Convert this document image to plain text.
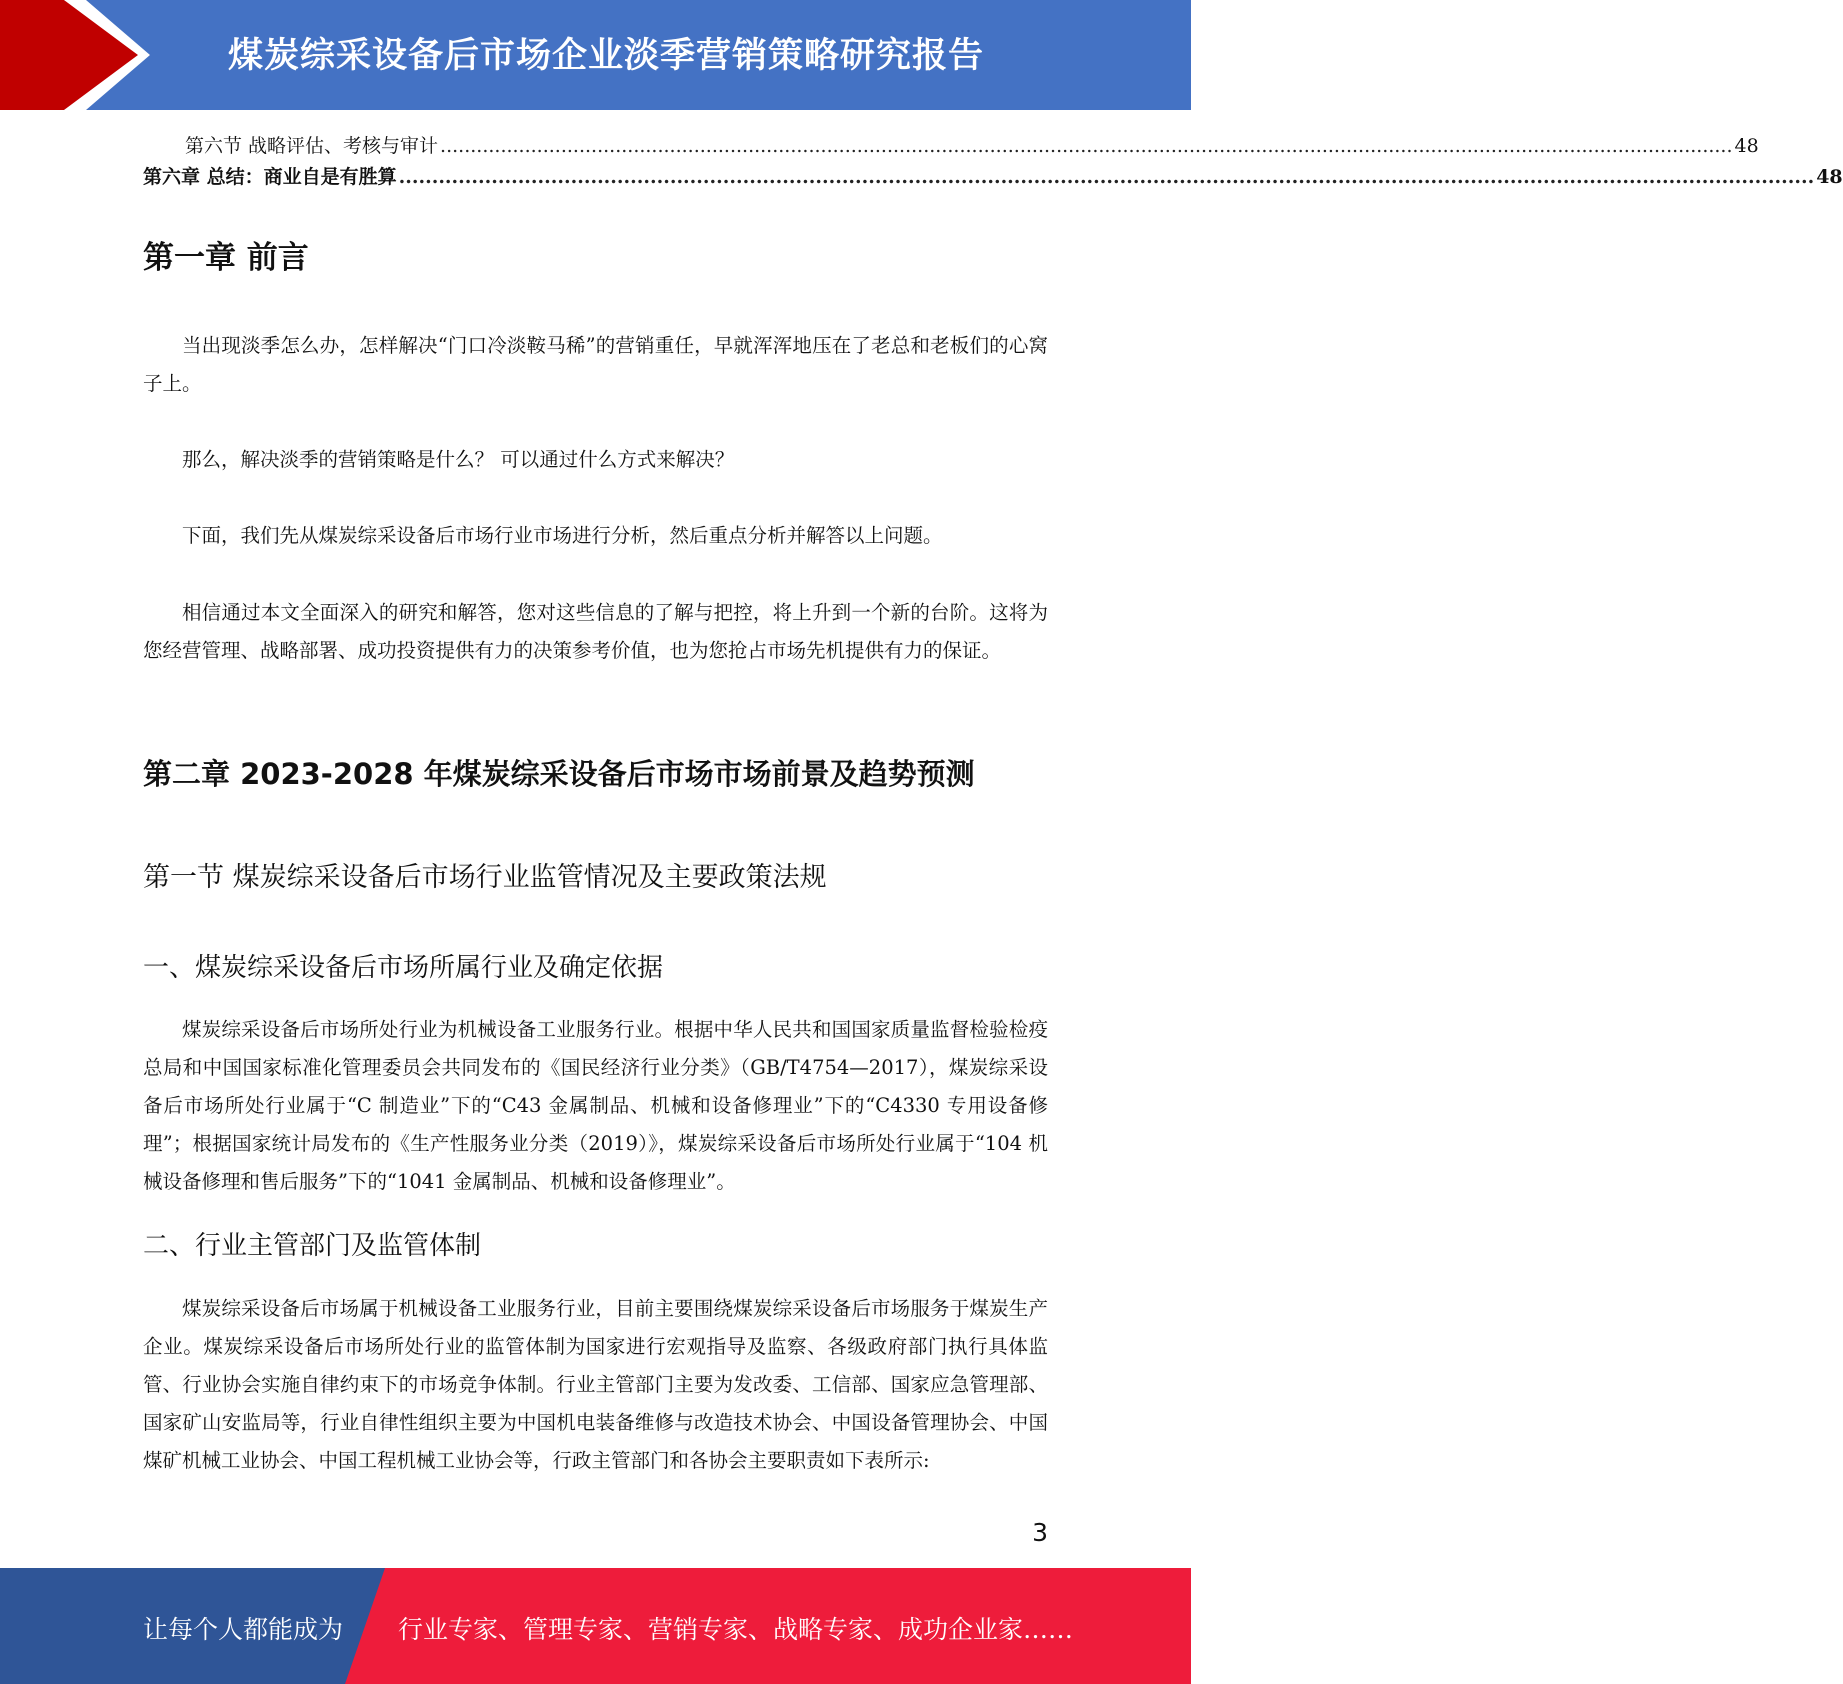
煤炭综采设备后市场企业淡季营销策略研究报告
第六节 战略评估、考核与审计 ...................................................................................................................................................................................................................... 48
第六章 总结：商业自是有胜算 ...................................................................................................................................................................................................................... 48
第一章 前言

当出现淡季怎么办，怎样解决“门口冷淡鞍马稀”的营销重任，早就浑浑地压在了老总和老板们的心窝子上。

那么，解决淡季的营销策略是什么？ 可以通过什么方式来解决？

下面，我们先从煤炭综采设备后市场行业市场进行分析，然后重点分析并解答以上问题。

相信通过本文全面深入的研究和解答，您对这些信息的了解与把控，将上升到一个新的台阶。这将为您经营管理、战略部署、成功投资提供有力的决策参考价值，也为您抢占市场先机提供有力的保证。

第二章 2023-2028 年煤炭综采设备后市场市场前景及趋势预测
第一节 煤炭综采设备后市场行业监管情况及主要政策法规
一、煤炭综采设备后市场所属行业及确定依据

煤炭综采设备后市场所处行业为机械设备工业服务行业。根据中华人民共和国国家质量监督检验检疫总局和中国国家标准化管理委员会共同发布的《国民经济行业分类》（GB/T4754—2017），煤炭综采设备后市场所处行业属于“C 制造业”下的“C43 金属制品、机械和设备修理业”下的“C4330 专用设备修理”；根据国家统计局发布的《生产性服务业分类（2019）》，煤炭综采设备后市场所处行业属于“104 机械设备修理和售后服务”下的“1041 金属制品、机械和设备修理业”。

二、行业主管部门及监管体制

煤炭综采设备后市场属于机械设备工业服务行业，目前主要围绕煤炭综采设备后市场服务于煤炭生产企业。煤炭综采设备后市场所处行业的监管体制为国家进行宏观指导及监察、各级政府部门执行具体监管、行业协会实施自律约束下的市场竞争体制。行业主管部门主要为发改委、工信部、国家应急管理部、国家矿山安监局等，行业自律性组织主要为中国机电装备维修与改造技术协会、中国设备管理协会、中国煤矿机械工业协会、中国工程机械工业协会等，行政主管部门和各协会主要职责如下表所示:

3
让每个人都能成为 行业专家、管理专家、营销专家、战略专家、成功企业家……
